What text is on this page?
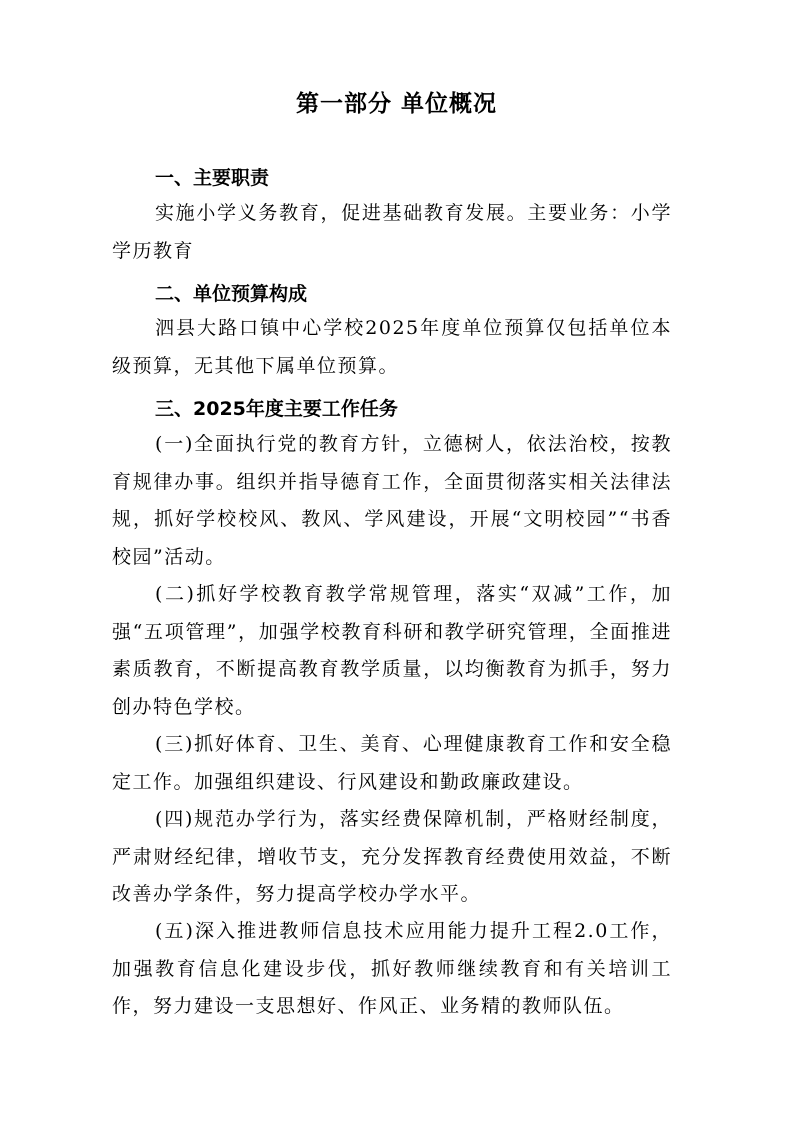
第一部分 单位概况
一、主要职责

实施小学义务教育，促进基础教育发展。主要业务：小学学历教育

二、单位预算构成

泗县大路口镇中心学校2025年度单位预算仅包括单位本级预算，无其他下属单位预算。

三、2025年度主要工作任务

(一)全面执行党的教育方针，立德树人，依法治校，按教育规律办事。组织并指导德育工作，全面贯彻落实相关法律法规，抓好学校校风、教风、学风建设，开展“文明校园”“书香校园”活动。

(二)抓好学校教育教学常规管理，落实“双减”工作，加强“五项管理”，加强学校教育科研和教学研究管理，全面推进素质教育，不断提高教育教学质量，以均衡教育为抓手，努力创办特色学校。

(三)抓好体育、卫生、美育、心理健康教育工作和安全稳定工作。加强组织建设、行风建设和勤政廉政建设。

(四)规范办学行为，落实经费保障机制，严格财经制度，严肃财经纪律，增收节支，充分发挥教育经费使用效益，不断改善办学条件，努力提高学校办学水平。

(五)深入推进教师信息技术应用能力提升工程2.0工作，加强教育信息化建设步伐，抓好教师继续教育和有关培训工作，努力建设一支思想好、作风正、业务精的教师队伍。
